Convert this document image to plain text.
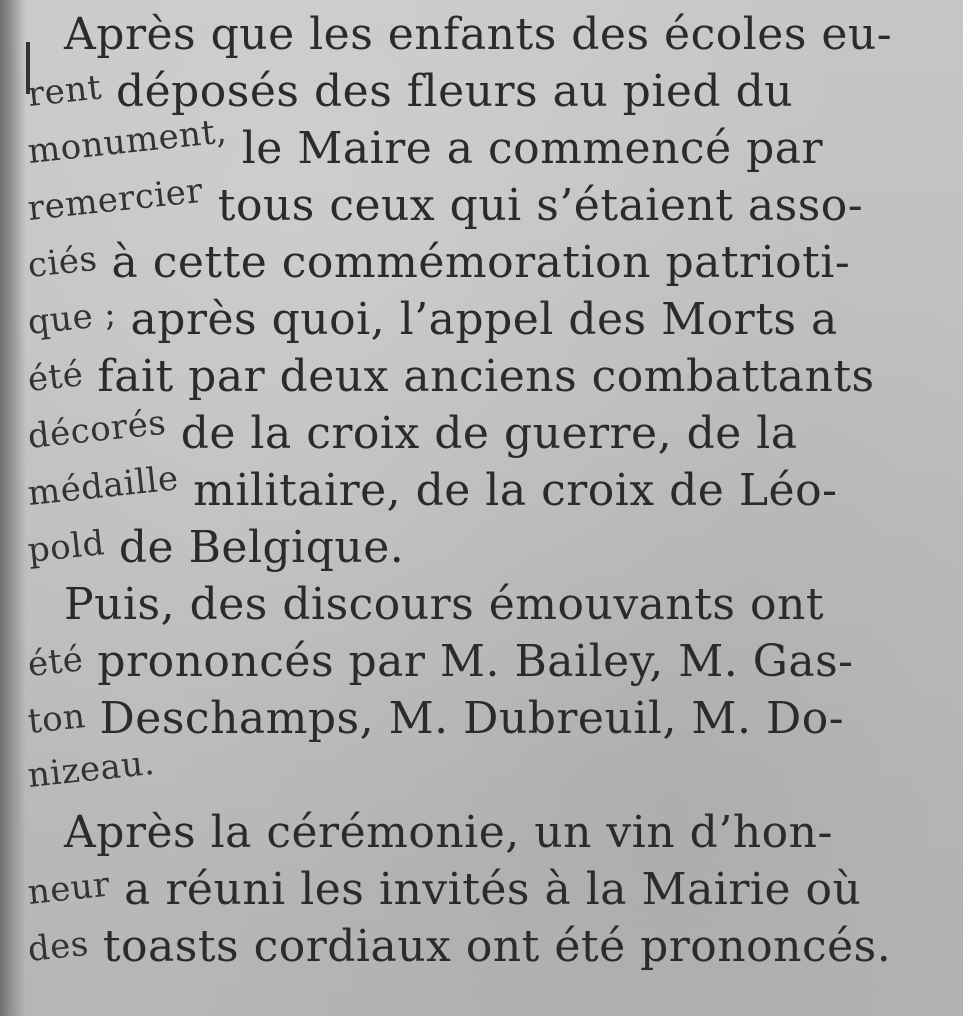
Après que les enfants des écoles eu-
rent déposés des fleurs au pied du
monument, le Maire a commencé par
remercier tous ceux qui s’étaient asso-
ciés à cette commémoration patrioti-
que ; après quoi, l’appel des Morts a
été fait par deux anciens combattants
décorés de la croix de guerre, de la
médaille militaire, de la croix de Léo-
pold de Belgique.
Puis, des discours émouvants ont
été prononcés par M. Bailey, M. Gas-
ton Deschamps, M. Dubreuil, M. Do-
nizeau.
Après la cérémonie, un vin d’hon-
neur a réuni les invités à la Mairie où
des toasts cordiaux ont été prononcés.
